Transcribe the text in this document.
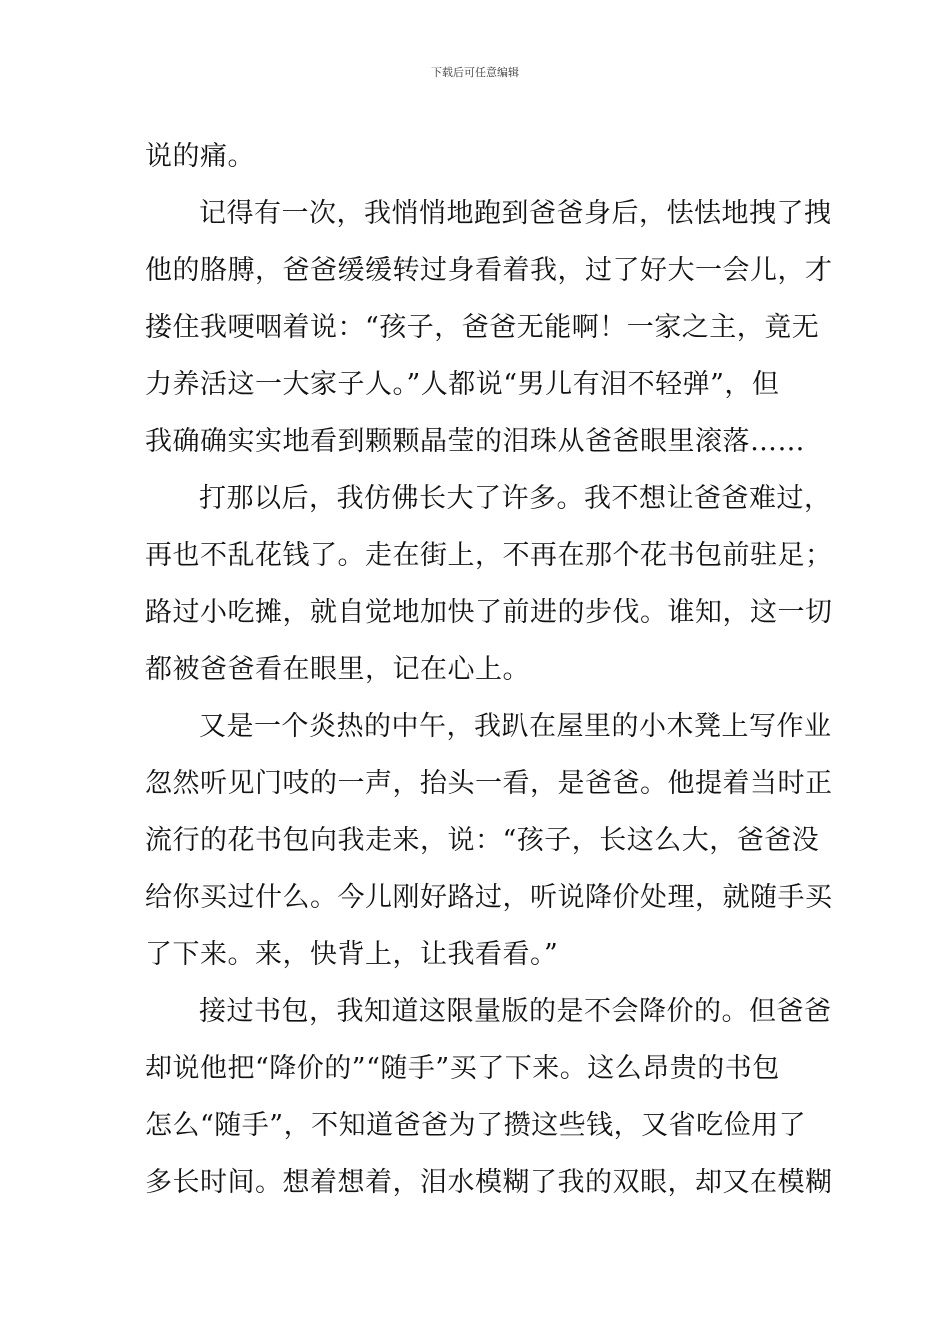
下载后可任意编辑
说的痛。
记得有一次，我悄悄地跑到爸爸身后，怯怯地拽了拽
他的胳膊，爸爸缓缓转过身看着我，过了好大一会儿，才
搂住我哽咽着说：“孩子，爸爸无能啊！一家之主，竟无
力养活这一大家子人。”人都说“男儿有泪不轻弹”，但
我确确实实地看到颗颗晶莹的泪珠从爸爸眼里滚落……
打那以后，我仿佛长大了许多。我不想让爸爸难过，
再也不乱花钱了。走在街上，不再在那个花书包前驻足；
路过小吃摊，就自觉地加快了前进的步伐。谁知，这一切
都被爸爸看在眼里，记在心上。
又是一个炎热的中午，我趴在屋里的小木凳上写作业
忽然听见门吱的一声，抬头一看，是爸爸。他提着当时正
流行的花书包向我走来，说：“孩子，长这么大，爸爸没
给你买过什么。今儿刚好路过，听说降价处理，就随手买
了下来。来，快背上，让我看看。”
接过书包，我知道这限量版的是不会降价的。但爸爸
却说他把“降价的”“随手”买了下来。这么昂贵的书包
怎么“随手”，不知道爸爸为了攒这些钱，又省吃俭用了
多长时间。想着想着，泪水模糊了我的双眼，却又在模糊
